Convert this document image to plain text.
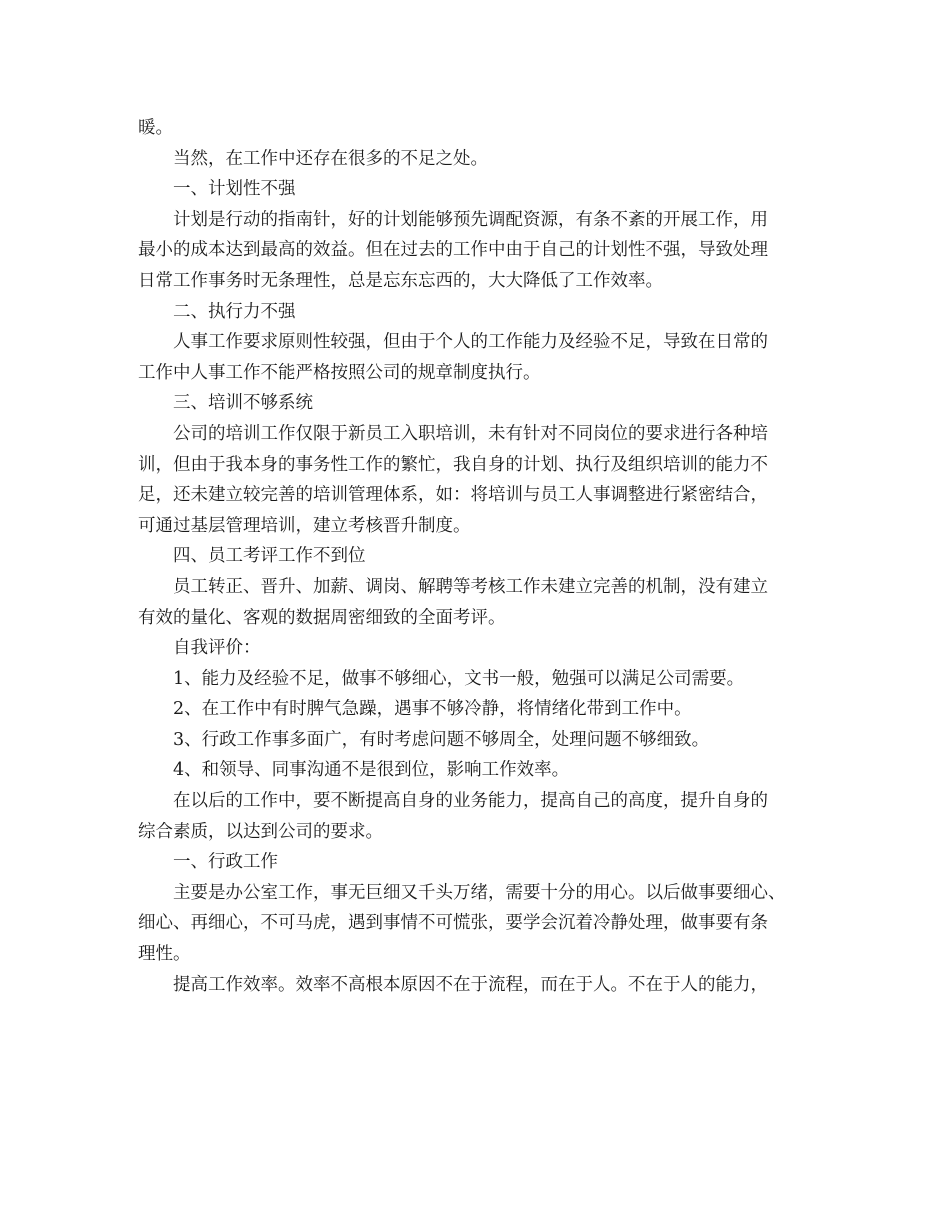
暖。
当然，在工作中还存在很多的不足之处。
一、计划性不强
计划是行动的指南针，好的计划能够预先调配资源，有条不紊的开展工作，用
最小的成本达到最高的效益。但在过去的工作中由于自己的计划性不强，导致处理
日常工作事务时无条理性，总是忘东忘西的，大大降低了工作效率。
二、执行力不强
人事工作要求原则性较强，但由于个人的工作能力及经验不足，导致在日常的
工作中人事工作不能严格按照公司的规章制度执行。
三、培训不够系统
公司的培训工作仅限于新员工入职培训，未有针对不同岗位的要求进行各种培
训，但由于我本身的事务性工作的繁忙，我自身的计划、执行及组织培训的能力不
足，还未建立较完善的培训管理体系，如：将培训与员工人事调整进行紧密结合，
可通过基层管理培训，建立考核晋升制度。
四、员工考评工作不到位
员工转正、晋升、加薪、调岗、解聘等考核工作未建立完善的机制，没有建立
有效的量化、客观的数据周密细致的全面考评。
自我评价：
1、能力及经验不足，做事不够细心，文书一般，勉强可以满足公司需要。
2、在工作中有时脾气急躁，遇事不够冷静，将情绪化带到工作中。
3、行政工作事多面广，有时考虑问题不够周全，处理问题不够细致。
4、和领导、同事沟通不是很到位，影响工作效率。
在以后的工作中，要不断提高自身的业务能力，提高自己的高度，提升自身的
综合素质，以达到公司的要求。
一、行政工作
主要是办公室工作，事无巨细又千头万绪，需要十分的用心。以后做事要细心、
细心、再细心，不可马虎，遇到事情不可慌张，要学会沉着冷静处理，做事要有条
理性。
提高工作效率。效率不高根本原因不在于流程，而在于人。不在于人的能力，
